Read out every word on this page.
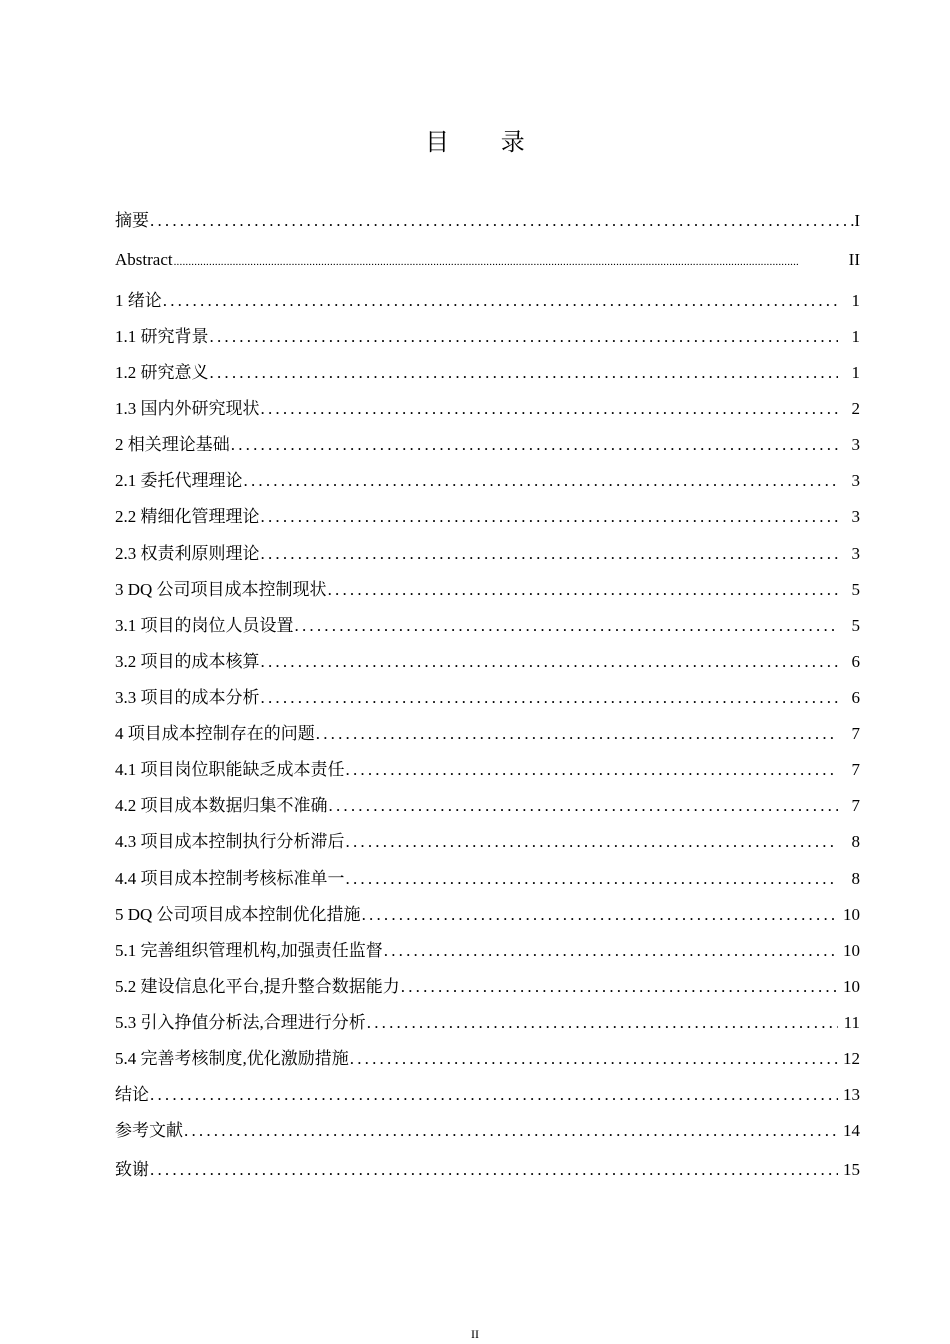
目 录
摘要 .....	I
Abstract .....	II
1 绪论 .....	1
1.1 研究背景 .....	1
1.2 研究意义 .....	1
1.3 国内外研究现状 .....	2
2 相关理论基础 .....	3
2.1 委托代理理论 .....	3
2.2 精细化管理理论 .....	3
2.3 权责利原则理论 .....	3
3 DQ 公司项目成本控制现状 .....	5
3.1 项目的岗位人员设置 .....	5
3.2 项目的成本核算 .....	6
3.3 项目的成本分析 .....	6
4 项目成本控制存在的问题 .....	7
4.1 项目岗位职能缺乏成本责任 .....	7
4.2 项目成本数据归集不准确 .....	7
4.3 项目成本控制执行分析滞后 .....	8
4.4 项目成本控制考核标准单一 .....	8
5 DQ 公司项目成本控制优化措施 .....	10
5.1 完善组织管理机构,加强责任监督 .....	10
5.2 建设信息化平台,提升整合数据能力 .....	10
5.3 引入挣值分析法,合理进行分析 .....	11
5.4 完善考核制度,优化激励措施 .....	12
结论 .....	13
参考文献 .....	14
致谢 .....	15
II
